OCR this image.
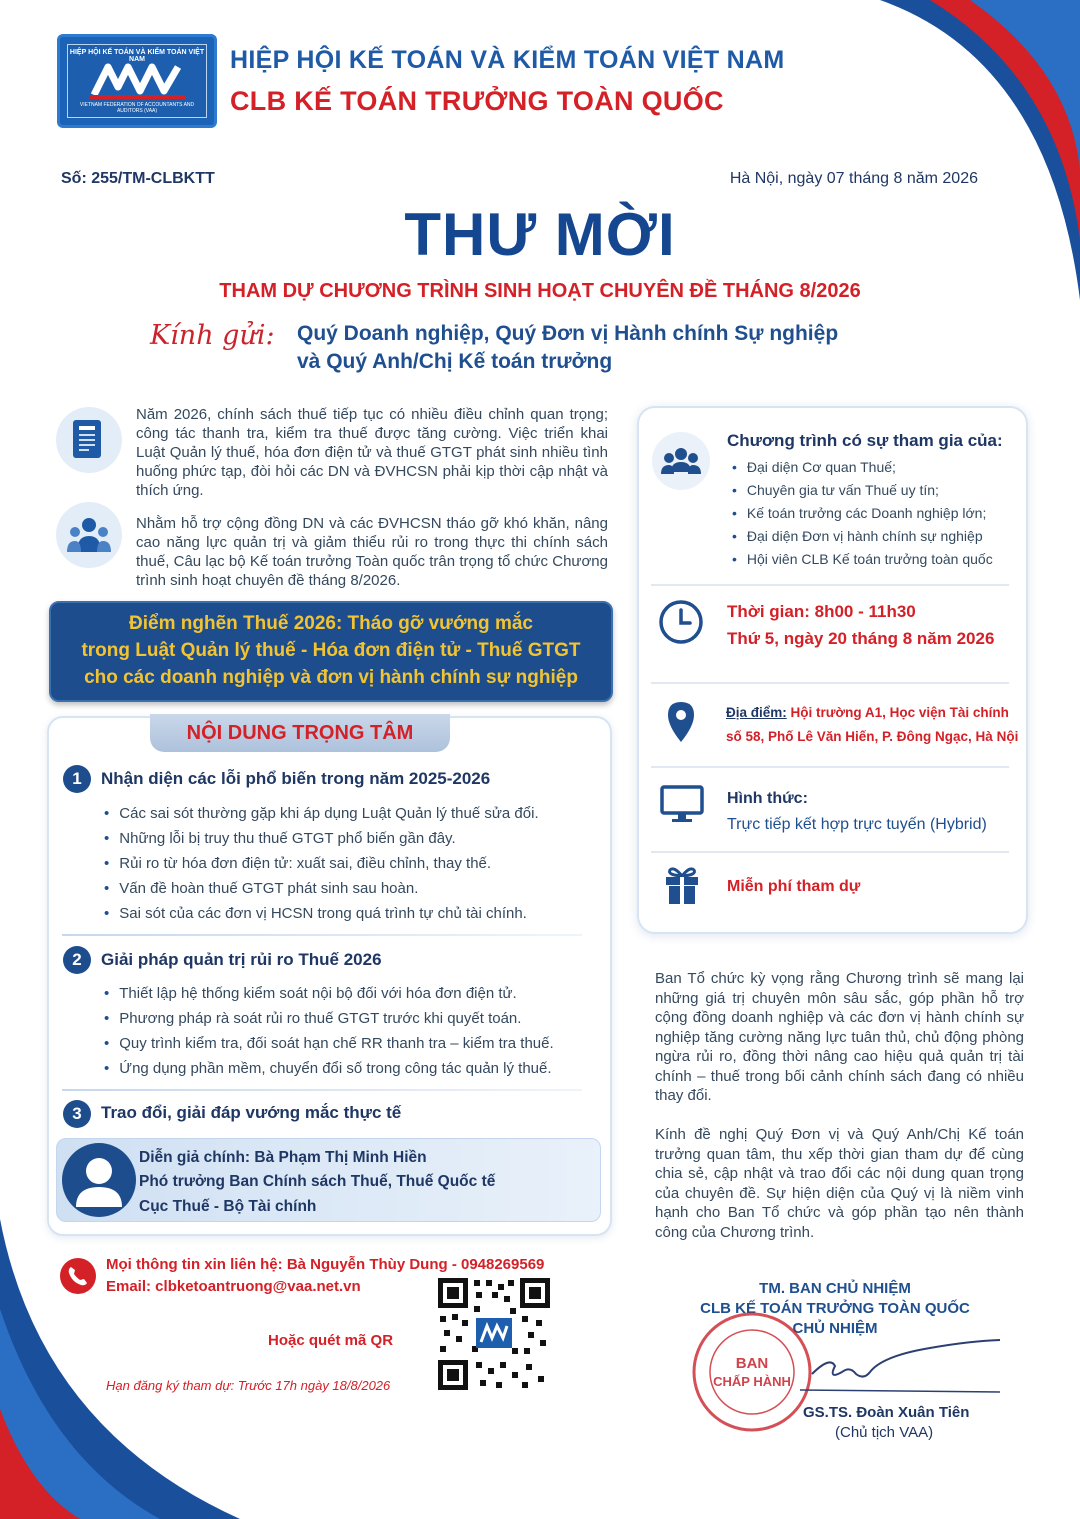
HIỆP HỘI KẾ TOÁN VÀ KIỂM TOÁN VIỆT NAM
VIETNAM FEDERATION OF ACCOUNTANTS AND AUDITORS (VAA)
HIỆP HỘI KẾ TOÁN VÀ KIỂM TOÁN VIỆT NAM
CLB KẾ TOÁN TRƯỞNG TOÀN QUỐC
Số: 255/TM-CLBKTT	Hà Nội, ngày 07 tháng 8 năm 2026
THƯ MỜI
THAM DỰ CHƯƠNG TRÌNH SINH HOẠT CHUYÊN ĐỀ THÁNG 8/2026
Kính gửi: Quý Doanh nghiệp, Quý Đơn vị Hành chính Sự nghiệp
và Quý Anh/Chị Kế toán trưởng
Năm 2026, chính sách thuế tiếp tục có nhiều điều chỉnh quan trọng; công tác thanh tra, kiểm tra thuế được tăng cường. Việc triển khai Luật Quản lý thuế, hóa đơn điện tử và thuế GTGT phát sinh nhiều tình huống phức tạp, đòi hỏi các DN và ĐVHCSN phải kịp thời cập nhật và thích ứng.
Nhằm hỗ trợ cộng đồng DN và các ĐVHCSN tháo gỡ khó khăn, nâng cao năng lực quản trị và giảm thiểu rủi ro trong thực thi chính sách thuế, Câu lạc bộ Kế toán trưởng Toàn quốc trân trọng tổ chức Chương trình sinh hoạt chuyên đề tháng 8/2026.
Điểm nghẽn Thuế 2026: Tháo gỡ vướng mắc
trong Luật Quản lý thuế - Hóa đơn điện tử - Thuế GTGT
cho các doanh nghiệp và đơn vị hành chính sự nghiệp
NỘI DUNG TRỌNG TÂM
1	Nhận diện các lỗi phổ biến trong năm 2025-2026
• Các sai sót thường gặp khi áp dụng Luật Quản lý thuế sửa đổi.
• Những lỗi bị truy thu thuế GTGT phổ biến gần đây.
• Rủi ro từ hóa đơn điện tử: xuất sai, điều chỉnh, thay thế.
• Vấn đề hoàn thuế GTGT phát sinh sau hoàn.
• Sai sót của các đơn vị HCSN trong quá trình tự chủ tài chính.
2	Giải pháp quản trị rủi ro Thuế 2026
• Thiết lập hệ thống kiểm soát nội bộ đối với hóa đơn điện tử.
• Phương pháp rà soát rủi ro thuế GTGT trước khi quyết toán.
• Quy trình kiểm tra, đối soát hạn chế RR thanh tra – kiểm tra thuế.
• Ứng dụng phần mềm, chuyển đổi số trong công tác quản lý thuế.
3	Trao đổi, giải đáp vướng mắc thực tế
Diễn giả chính: Bà Phạm Thị Minh Hiền
Phó trưởng Ban Chính sách Thuế, Thuế Quốc tế
Cục Thuế - Bộ Tài chính
Mọi thông tin xin liên hệ: Bà Nguyễn Thùy Dung - 0948269569
Email: clbketoantruong@vaa.net.vn
Hoặc quét mã QR
Hạn đăng ký tham dự: Trước 17h ngày 18/8/2026
Chương trình có sự tham gia của:
• Đại diện Cơ quan Thuế;
• Chuyên gia tư vấn Thuế uy tín;
• Kế toán trưởng các Doanh nghiệp lớn;
• Đại diện Đơn vị hành chính sự nghiệp
• Hội viên CLB Kế toán trưởng toàn quốc
Thời gian: 8h00 - 11h30
Thứ 5, ngày 20 tháng 8 năm 2026
Địa điểm: Hội trường A1, Học viện Tài chính
số 58, Phố Lê Văn Hiến, P. Đông Ngạc, Hà Nội
Hình thức:
Trực tiếp kết hợp trực tuyến (Hybrid)
Miễn phí tham dự
Ban Tổ chức kỳ vọng rằng Chương trình sẽ mang lại những giá trị chuyên môn sâu sắc, góp phần hỗ trợ cộng đồng doanh nghiệp và các đơn vị hành chính sự nghiệp tăng cường năng lực tuân thủ, chủ động phòng ngừa rủi ro, đồng thời nâng cao hiệu quả quản trị tài chính – thuế trong bối cảnh chính sách đang có nhiều thay đổi.
Kính đề nghị Quý Đơn vị và Quý Anh/Chị Kế toán trưởng quan tâm, thu xếp thời gian tham dự để cùng chia sẻ, cập nhật và trao đổi các nội dung quan trọng của chuyên đề. Sự hiện diện của Quý vị là niềm vinh hạnh cho Ban Tổ chức và góp phần tạo nên thành công của Chương trình.
TM. BAN CHỦ NHIỆM
CLB KẾ TOÁN TRƯỞNG TOÀN QUỐC
CHỦ NHIỆM
BAN
CHẤP HÀNH
GS.TS. Đoàn Xuân Tiên
(Chủ tịch VAA)
